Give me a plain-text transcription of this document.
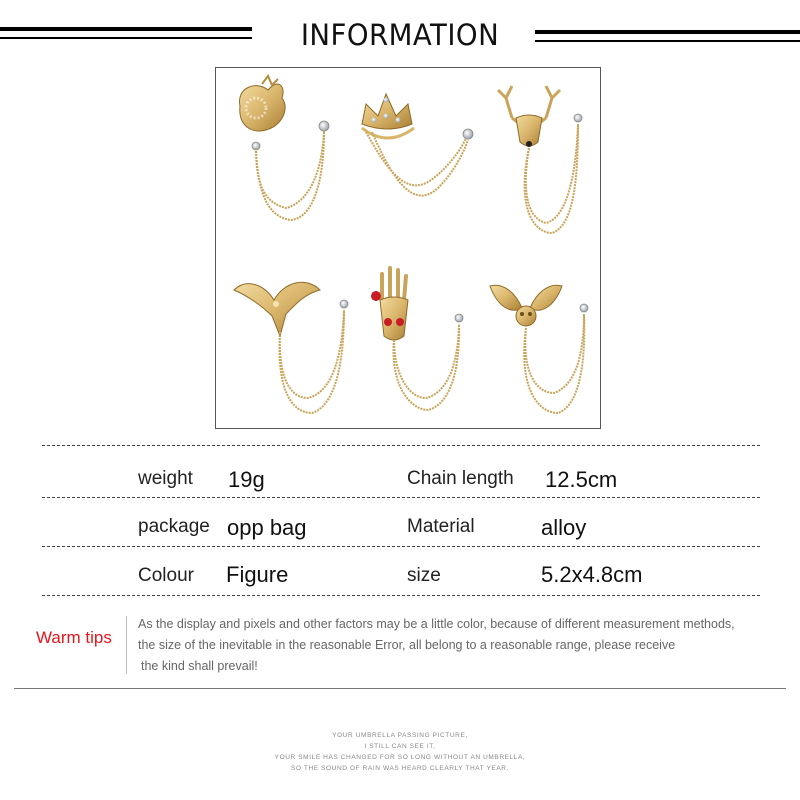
INFORMATION
weight 19g	Chain length 12.5cm
package opp bag	Material	alloy
Colour Figure	size	5.2x4.8cm
Warm tips
As the display and pixels and other factors may be a little color, because of different measurement methods,
the size of the inevitable in the reasonable Error, all belong to a reasonable range, please receive
the kind shall prevail!
YOUR UMBRELLA PASSING PICTURE,
I STILL CAN SEE IT,
YOUR SMILE HAS CHANGED FOR SO LONG WITHOUT AN UMBRELLA,
SO THE SOUND OF RAIN WAS HEARD CLEARLY THAT YEAR.
